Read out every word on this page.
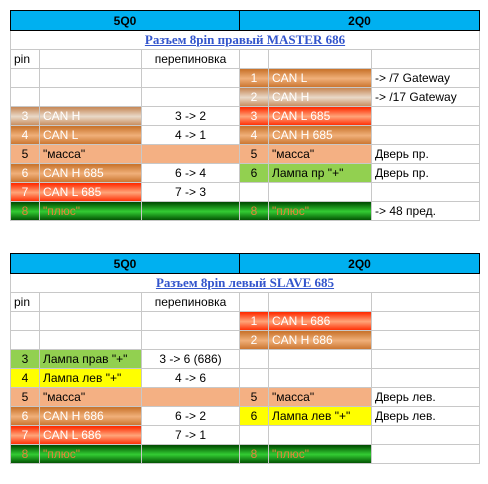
5Q0			2Q0		
Разъем 8pin правый MASTER 686					
pin		перепиновка			
			1	CAN L	-> /7 Gateway
			2	CAN H	-> /17 Gateway
3	CAN H	3 -> 2	3	CAN L 685	
4	CAN L	4 -> 1	4	CAN H 685	
5	"масса"		5	"масса"	Дверь пр.
6	CAN H 685	6 -> 4	6	Лампа пр "+"	Дверь пр.
7	CAN L 685	7 -> 3			
8	"плюс"		8	"плюс"	-> 48 пред.
5Q0			2Q0		
Разъем 8pin левый SLAVE 685					
pin		перепиновка			
			1	CAN L 686	
			2	CAN H 686	
3	Лампа прав "+"	3 -> 6 (686)			
4	Лампа лев "+"	4 -> 6			
5	"масса"		5	"масса"	Дверь лев.
6	CAN H 686	6 -> 2	6	Лампа лев "+"	Дверь лев.
7	CAN L 686	7 -> 1			
8	"плюс"		8	"плюс"	
